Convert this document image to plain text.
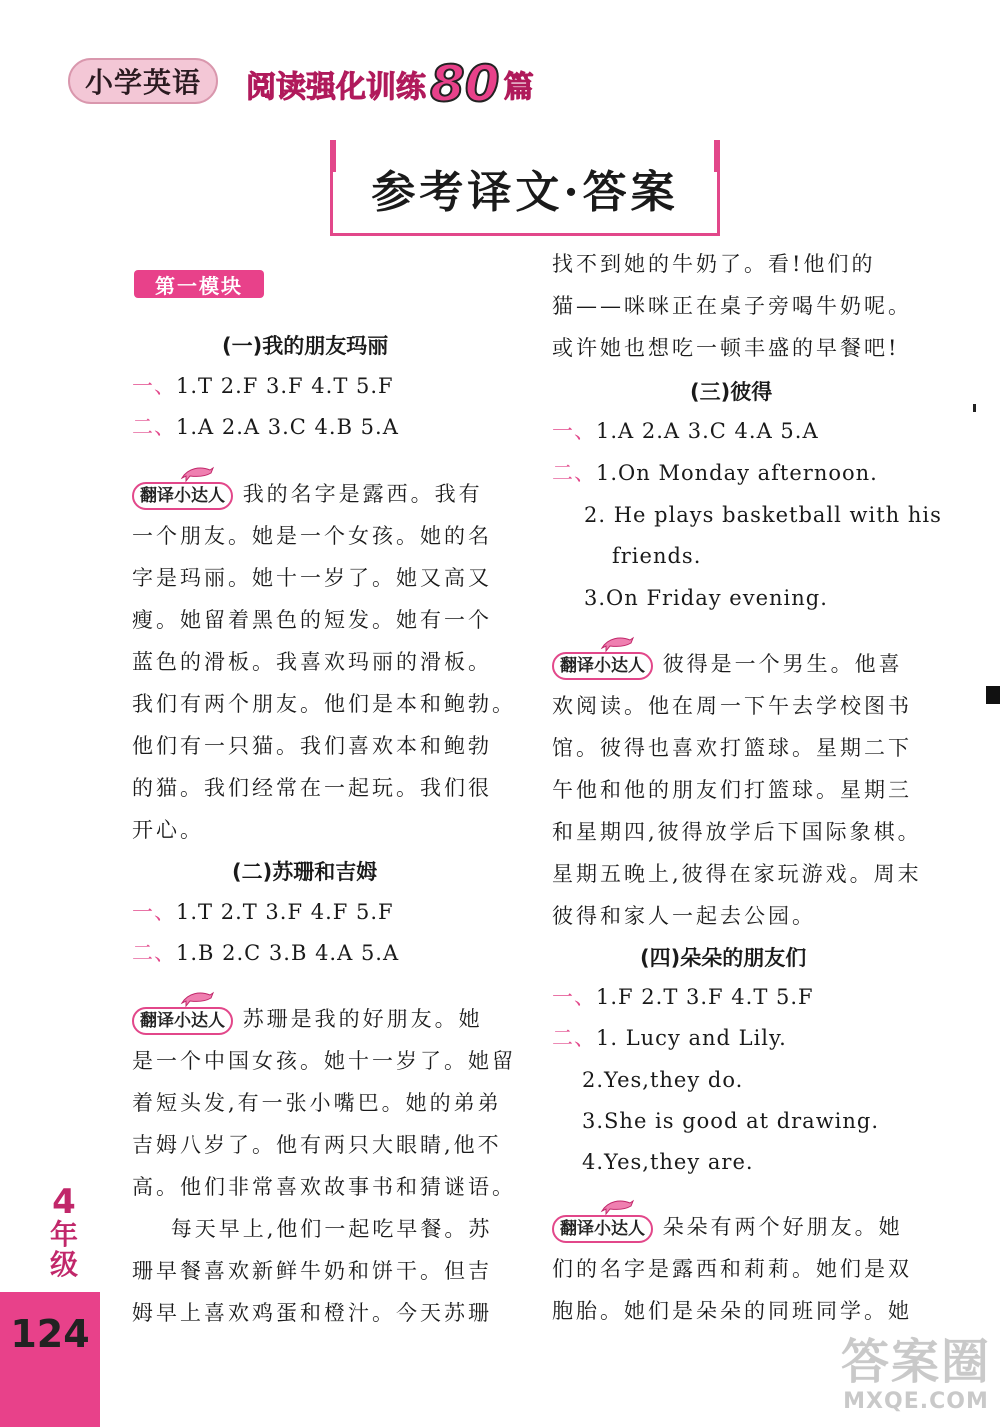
小学英语	阅读强化训练 80 篇
参考译文·答案
第一模块
(一)我的朋友玛丽
一、1.T 2.F 3.F 4.T 5.F
二、1.A 2.A 3.C 4.B 5.A
翻译小达人 我的名字是露西。我有
一个朋友。她是一个女孩。她的名
字是玛丽。她十一岁了。她又高又
瘦。她留着黑色的短发。她有一个
蓝色的滑板。我喜欢玛丽的滑板。
我们有两个朋友。他们是本和鲍勃。
他们有一只猫。我们喜欢本和鲍勃
的猫。我们经常在一起玩。我们很
开心。
(二)苏珊和吉姆
一、1.T 2.T 3.F 4.F 5.F
二、1.B 2.C 3.B 4.A 5.A
翻译小达人 苏珊是我的好朋友。她
是一个中国女孩。她十一岁了。她留
着短头发,有一张小嘴巴。她的弟弟
吉姆八岁了。他有两只大眼睛,他不
高。他们非常喜欢故事书和猜谜语。
每天早上,他们一起吃早餐。苏
珊早餐喜欢新鲜牛奶和饼干。但吉
姆早上喜欢鸡蛋和橙汁。今天苏珊
找不到她的牛奶了。看!他们的
猫——咪咪正在桌子旁喝牛奶呢。
或许她也想吃一顿丰盛的早餐吧!
(三)彼得
一、1.A 2.A 3.C 4.A 5.A
二、1.On Monday afternoon.
2. He plays basketball with his
friends.
3.On Friday evening.
翻译小达人 彼得是一个男生。他喜
欢阅读。他在周一下午去学校图书
馆。彼得也喜欢打篮球。星期二下
午他和他的朋友们打篮球。星期三
和星期四,彼得放学后下国际象棋。
星期五晚上,彼得在家玩游戏。周末
彼得和家人一起去公园。
(四)朵朵的朋友们
一、1.F 2.T 3.F 4.T 5.F
二、1. Lucy and Lily.
2.Yes,they do.
3.She is good at drawing.
4.Yes,they are.
翻译小达人 朵朵有两个好朋友。她
们的名字是露西和莉莉。她们是双
胞胎。她们是朵朵的同班同学。她
4
年级
124	答案圈
MXQE.COM
